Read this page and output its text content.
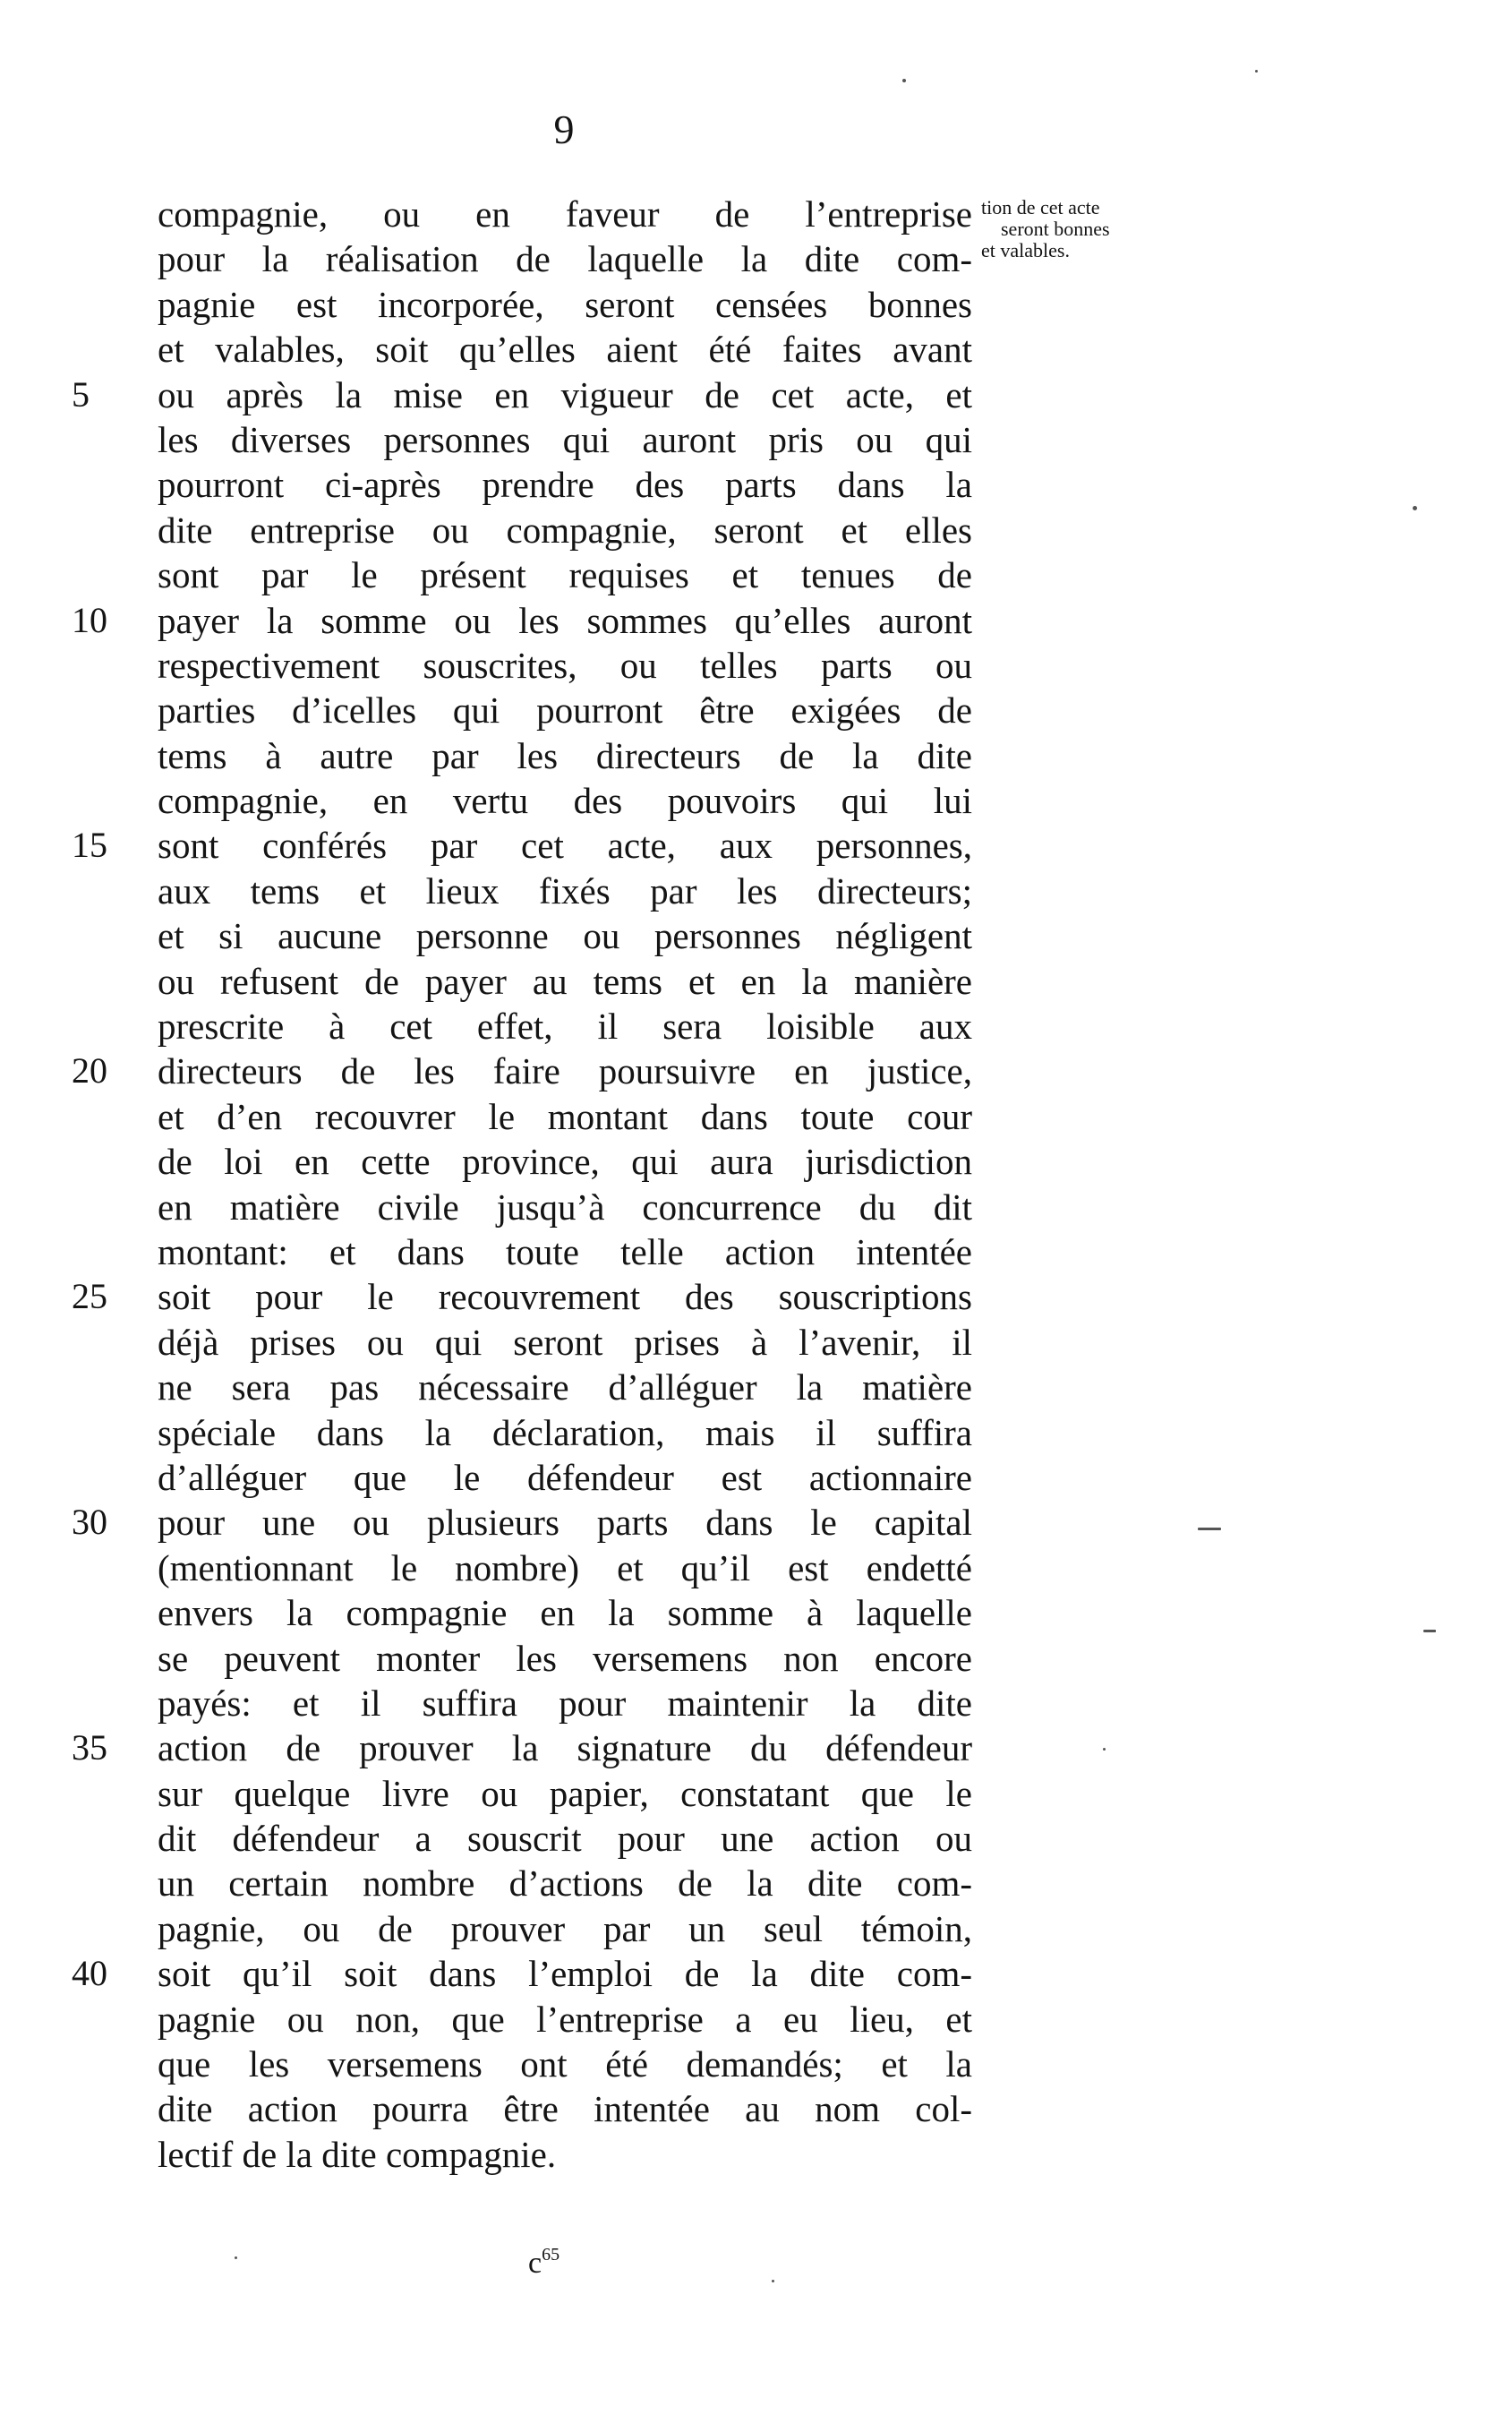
9
tion de cet acte
seront bonnes
et valables.
compagnie, ou en faveur de l’entreprise
pour la réalisation de laquelle la dite com-
pagnie est incorporée, seront censées bonnes
et valables, soit qu’elles aient été faites avant
5	ou après la mise en vigueur de cet acte, et
les diverses personnes qui auront pris ou qui
pourront ci-après prendre des parts dans la
dite entreprise ou compagnie, seront et elles
sont par le présent requises et tenues de
10	payer la somme ou les sommes qu’elles auront
respectivement souscrites, ou telles parts ou
parties d’icelles qui pourront être exigées de
tems à autre par les directeurs de la dite
compagnie, en vertu des pouvoirs qui lui
15	sont conférés par cet acte, aux personnes,
aux tems et lieux fixés par les directeurs;
et si aucune personne ou personnes négligent
ou refusent de payer au tems et en la manière
prescrite à cet effet, il sera loisible aux
20	directeurs de les faire poursuivre en justice,
et d’en recouvrer le montant dans toute cour
de loi en cette province, qui aura jurisdiction
en matière civile jusqu’à concurrence du dit
montant: et dans toute telle action intentée
25	soit pour le recouvrement des souscriptions
déjà prises ou qui seront prises à l’avenir, il
ne sera pas nécessaire d’alléguer la matière
spéciale dans la déclaration, mais il suffira
d’alléguer que le défendeur est actionnaire
30	pour une ou plusieurs parts dans le capital
(mentionnant le nombre) et qu’il est endetté
envers la compagnie en la somme à laquelle
se peuvent monter les versemens non encore
payés: et il suffira pour maintenir la dite
35	action de prouver la signature du défendeur
sur quelque livre ou papier, constatant que le
dit défendeur a souscrit pour une action ou
un certain nombre d’actions de la dite com-
pagnie, ou de prouver par un seul témoin,
40	soit qu’il soit dans l’emploi de la dite com-
pagnie ou non, que l’entreprise a eu lieu, et
que les versemens ont été demandés; et la
dite action pourra être intentée au nom col-
lectif de la dite compagnie.
$c^{65}$
